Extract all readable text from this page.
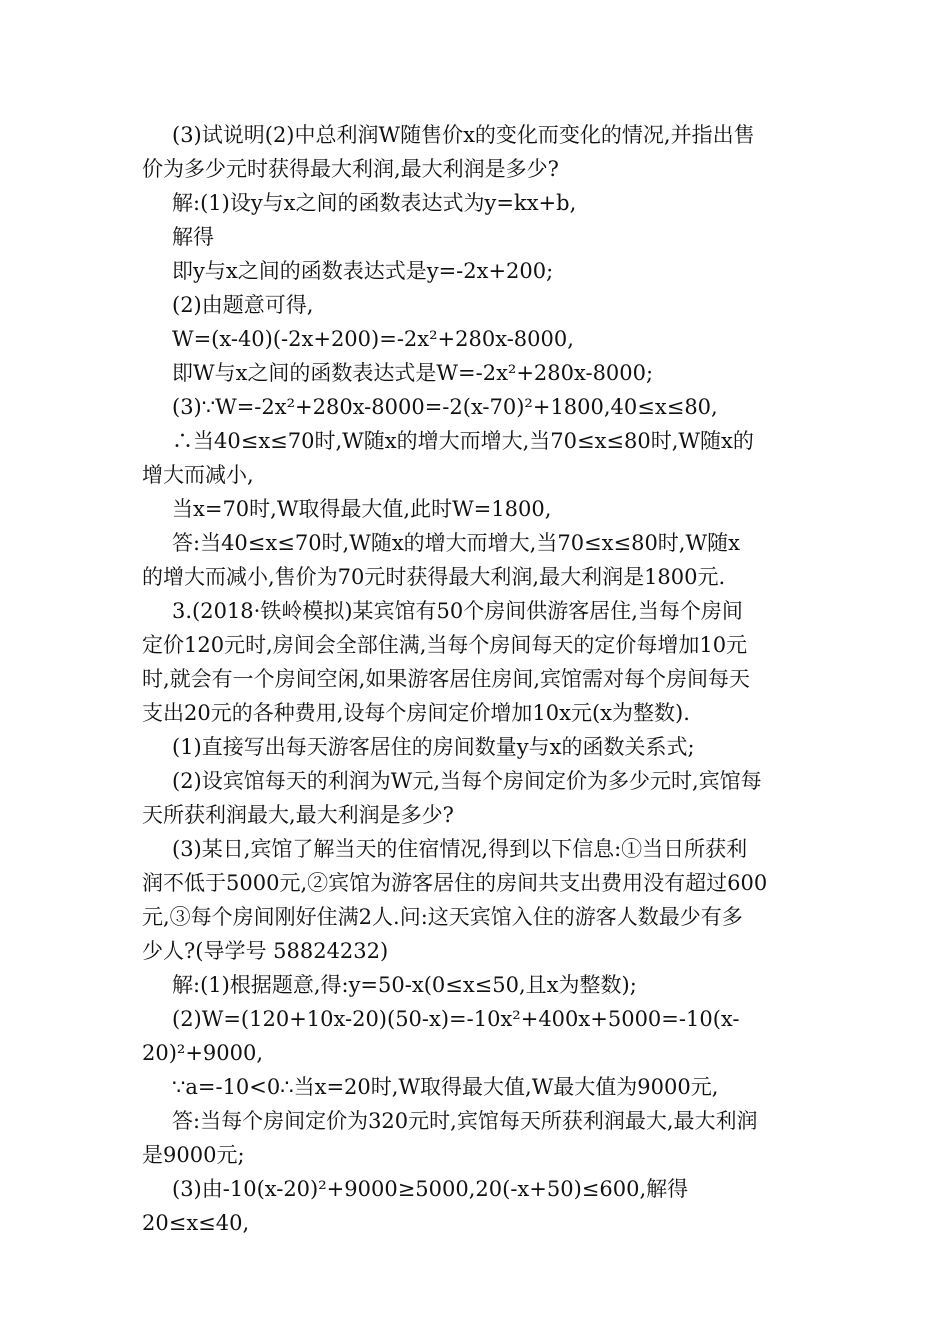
(3)试说明(2)中总利润W随售价x的变化而变化的情况,并指出售
价为多少元时获得最大利润,最大利润是多少?
解:(1)设y与x之间的函数表达式为y=kx+b,
解得
即y与x之间的函数表达式是y=-2x+200;
(2)由题意可得,
W=(x-40)(-2x+200)=-2x²+280x-8000,
即W与x之间的函数表达式是W=-2x²+280x-8000;
(3)∵W=-2x²+280x-8000=-2(x-70)²+1800,40≤x≤80,
∴当40≤x≤70时,W随x的增大而增大,当70≤x≤80时,W随x的
增大而减小,
当x=70时,W取得最大值,此时W=1800,
答:当40≤x≤70时,W随x的增大而增大,当70≤x≤80时,W随x
的增大而减小,售价为70元时获得最大利润,最大利润是1800元.
3.(2018·铁岭模拟)某宾馆有50个房间供游客居住,当每个房间
定价120元时,房间会全部住满,当每个房间每天的定价每增加10元
时,就会有一个房间空闲,如果游客居住房间,宾馆需对每个房间每天
支出20元的各种费用,设每个房间定价增加10x元(x为整数).
(1)直接写出每天游客居住的房间数量y与x的函数关系式;
(2)设宾馆每天的利润为W元,当每个房间定价为多少元时,宾馆每
天所获利润最大,最大利润是多少?
(3)某日,宾馆了解当天的住宿情况,得到以下信息:①当日所获利
润不低于5000元,②宾馆为游客居住的房间共支出费用没有超过600
元,③每个房间刚好住满2人.问:这天宾馆入住的游客人数最少有多
少人?(导学号 58824232)
解:(1)根据题意,得:y=50-x(0≤x≤50,且x为整数);
(2)W=(120+10x-20)(50-x)=-10x²+400x+5000=-10(x-
20)²+9000,
∵a=-10<0∴当x=20时,W取得最大值,W最大值为9000元,
答:当每个房间定价为320元时,宾馆每天所获利润最大,最大利润
是9000元;
(3)由-10(x-20)²+9000≥5000,20(-x+50)≤600,解得
20≤x≤40,
